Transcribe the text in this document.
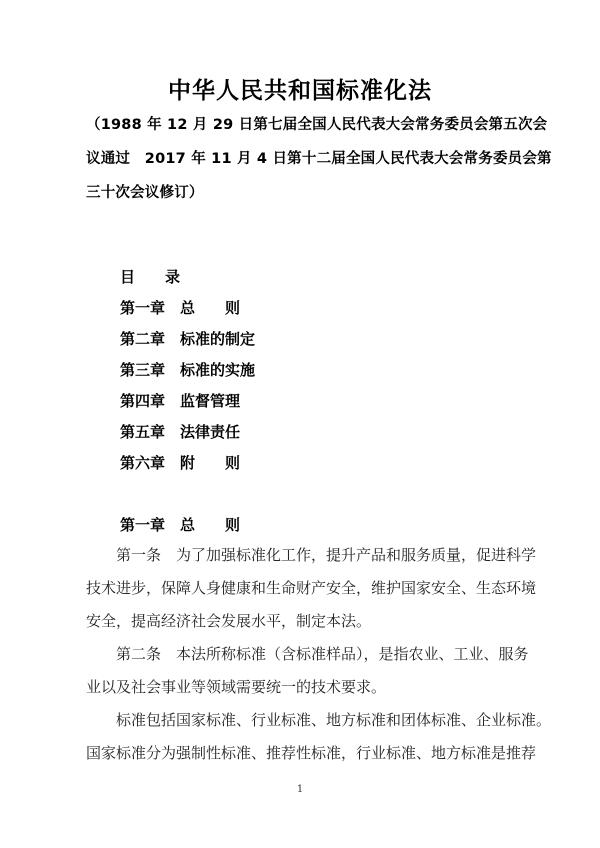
中华人民共和国标准化法
（1988 年 12 月 29 日第七届全国人民代表大会常务委员会第五次会
议通过　2017 年 11 月 4 日第十二届全国人民代表大会常务委员会第
三十次会议修订）
目　　录
第一章　总　　则
第二章　标准的制定
第三章　标准的实施
第四章　监督管理
第五章　法律责任
第六章　附　　则
第一章　总　　则
　　第一条　为了加强标准化工作，提升产品和服务质量，促进科学
技术进步，保障人身健康和生命财产安全，维护国家安全、生态环境
安全，提高经济社会发展水平，制定本法。
　　第二条　本法所称标准（含标准样品），是指农业、工业、服务
业以及社会事业等领域需要统一的技术要求。
　　标准包括国家标准、行业标准、地方标准和团体标准、企业标准。
国家标准分为强制性标准、推荐性标准，行业标准、地方标准是推荐
1
